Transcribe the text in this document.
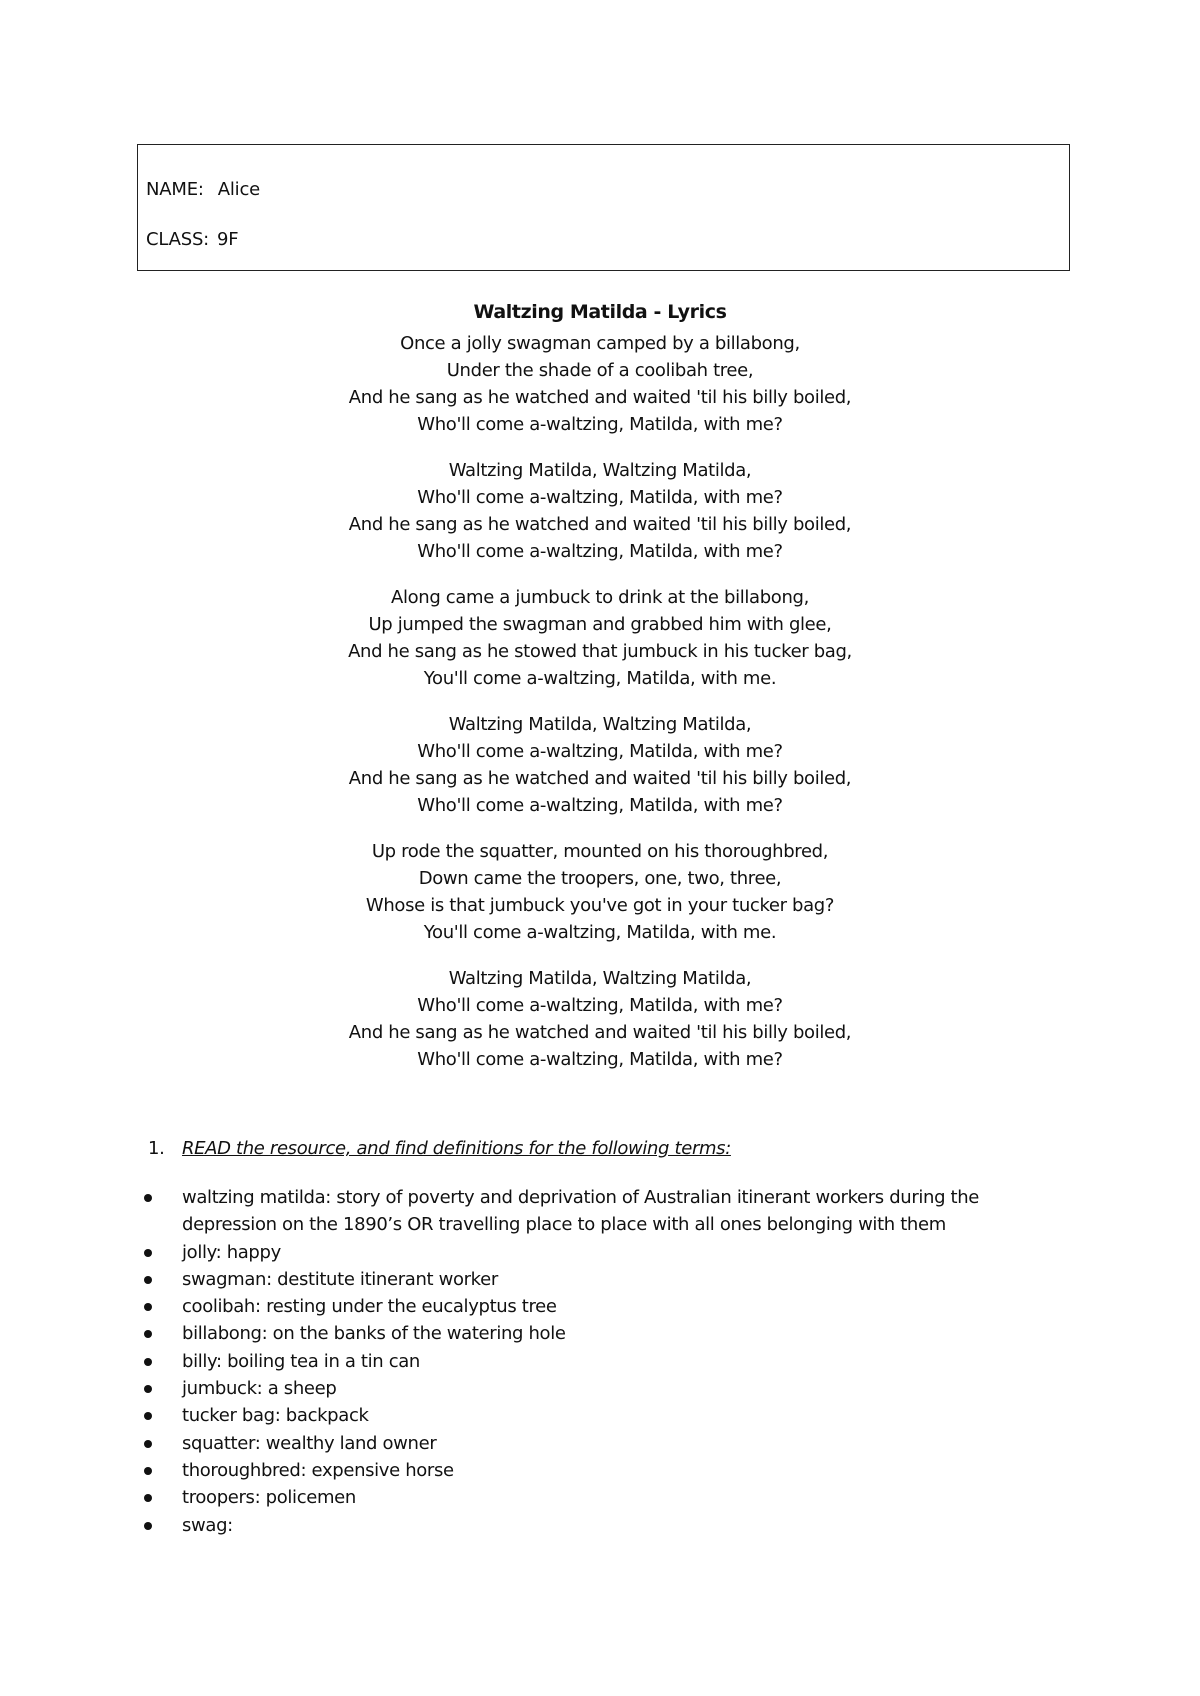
NAME: Alice
CLASS: 9F
Waltzing Matilda - Lyrics
Once a jolly swagman camped by a billabong,
Under the shade of a coolibah tree,
And he sang as he watched and waited 'til his billy boiled,
Who'll come a-waltzing, Matilda, with me?
Waltzing Matilda, Waltzing Matilda,
Who'll come a-waltzing, Matilda, with me?
And he sang as he watched and waited 'til his billy boiled,
Who'll come a-waltzing, Matilda, with me?
Along came a jumbuck to drink at the billabong,
Up jumped the swagman and grabbed him with glee,
And he sang as he stowed that jumbuck in his tucker bag,
You'll come a-waltzing, Matilda, with me.
Waltzing Matilda, Waltzing Matilda,
Who'll come a-waltzing, Matilda, with me?
And he sang as he watched and waited 'til his billy boiled,
Who'll come a-waltzing, Matilda, with me?
Up rode the squatter, mounted on his thoroughbred,
Down came the troopers, one, two, three,
Whose is that jumbuck you've got in your tucker bag?
You'll come a-waltzing, Matilda, with me.
Waltzing Matilda, Waltzing Matilda,
Who'll come a-waltzing, Matilda, with me?
And he sang as he watched and waited 'til his billy boiled,
Who'll come a-waltzing, Matilda, with me?
1. READ the resource, and find definitions for the following terms:
waltzing matilda: story of poverty and deprivation of Australian itinerant workers during the depression on the 1890’s OR travelling place to place with all ones belonging with them
jolly: happy
swagman: destitute itinerant worker
coolibah: resting under the eucalyptus tree
billabong: on the banks of the watering hole
billy: boiling tea in a tin can
jumbuck: a sheep
tucker bag: backpack
squatter: wealthy land owner
thoroughbred: expensive horse
troopers: policemen
swag:
